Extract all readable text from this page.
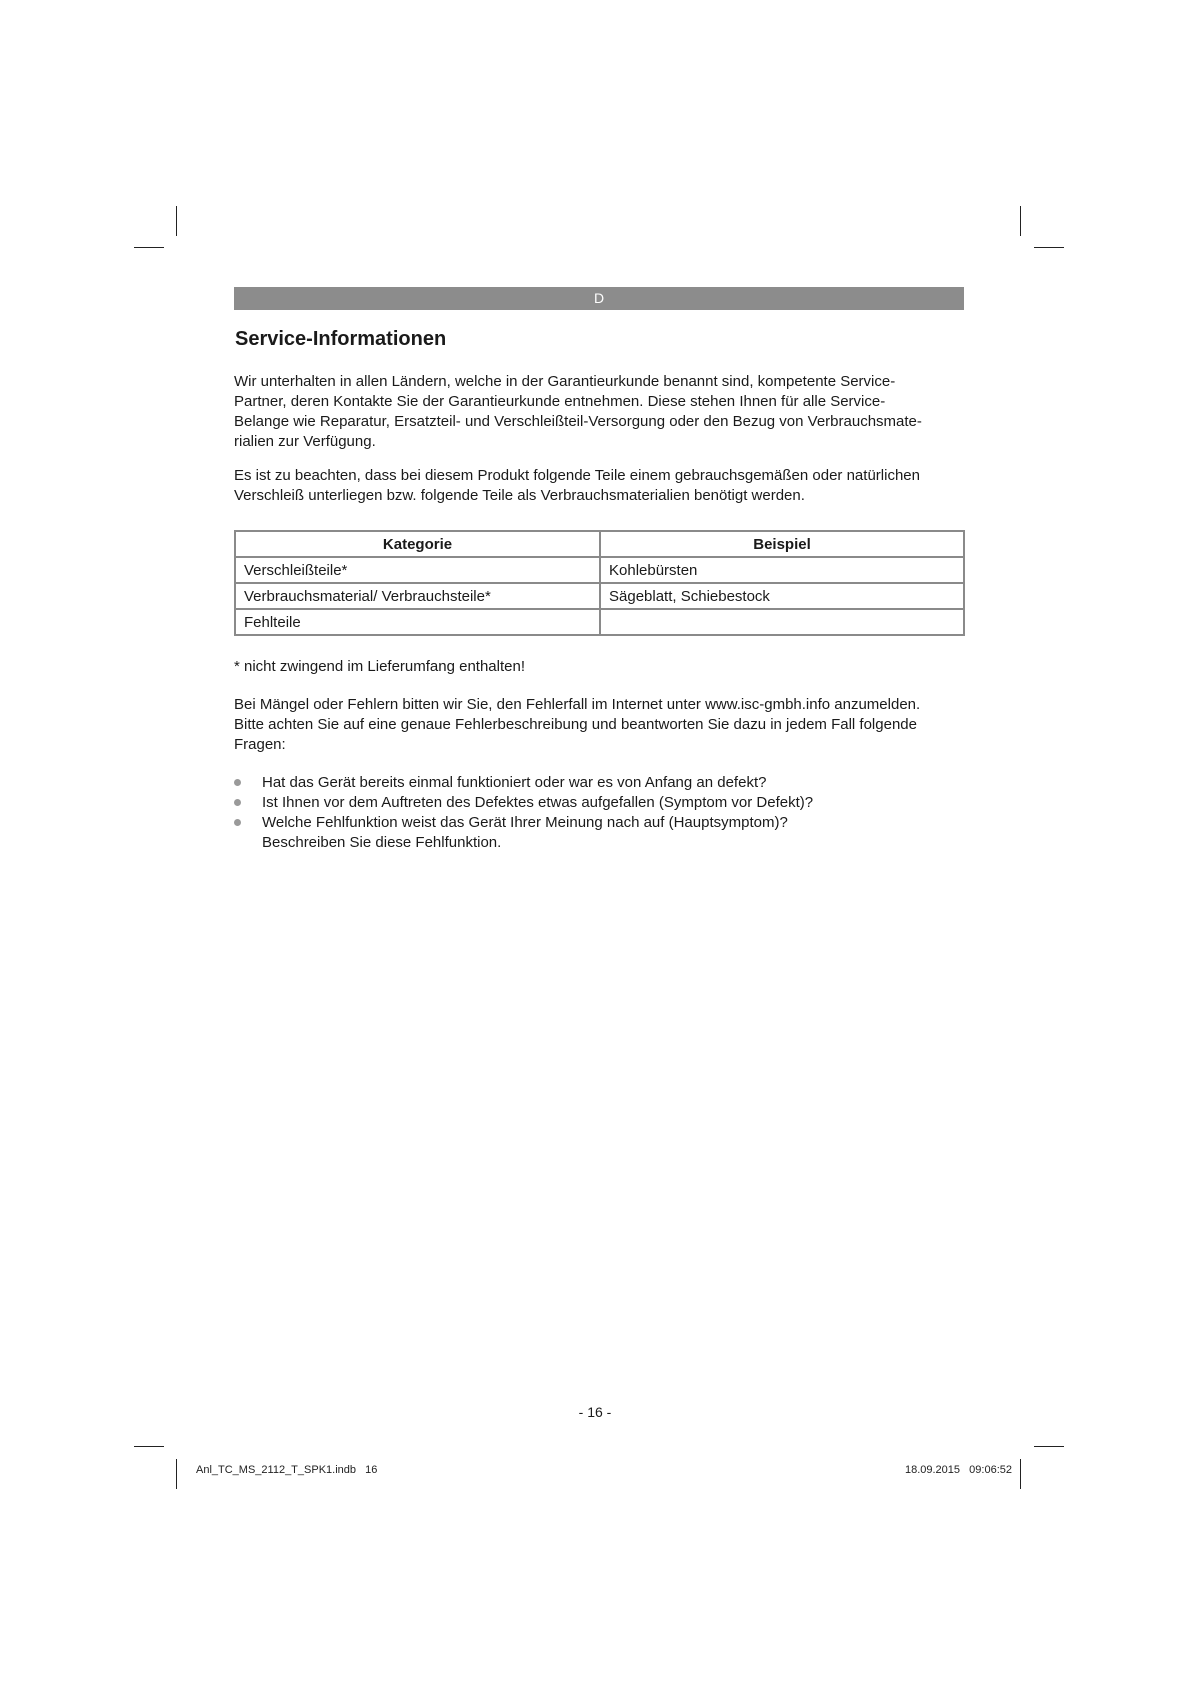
D
Service-Informationen

Wir unterhalten in allen Ländern, welche in der Garantieurkunde benannt sind, kompetente Service-
Partner, deren Kontakte Sie der Garantieurkunde entnehmen. Diese stehen Ihnen für alle Service-
Belange wie Reparatur, Ersatzteil- und Verschleißteil-Versorgung oder den Bezug von Verbrauchsmate-
rialien zur Verfügung.

Es ist zu beachten, dass bei diesem Produkt folgende Teile einem gebrauchsgemäßen oder natürlichen
Verschleiß unterliegen bzw. folgende Teile als Verbrauchsmaterialien benötigt werden.

Kategorie	Beispiel
Verschleißteile*	Kohlebürsten
Verbrauchsmaterial/ Verbrauchsteile*	Sägeblatt, Schiebestock
Fehlteile	

* nicht zwingend im Lieferumfang enthalten!

Bei Mängel oder Fehlern bitten wir Sie, den Fehlerfall im Internet unter www.isc-gmbh.info anzumelden.
Bitte achten Sie auf eine genaue Fehlerbeschreibung und beantworten Sie dazu in jedem Fall folgende
Fragen:

Hat das Gerät bereits einmal funktioniert oder war es von Anfang an defekt?
Ist Ihnen vor dem Auftreten des Defektes etwas aufgefallen (Symptom vor Defekt)?
Welche Fehlfunktion weist das Gerät Ihrer Meinung nach auf (Hauptsymptom)?
Beschreiben Sie diese Fehlfunktion.
- 16 -
Anl_TC_MS_2112_T_SPK1.indb   16	18.09.2015   09:06:52
